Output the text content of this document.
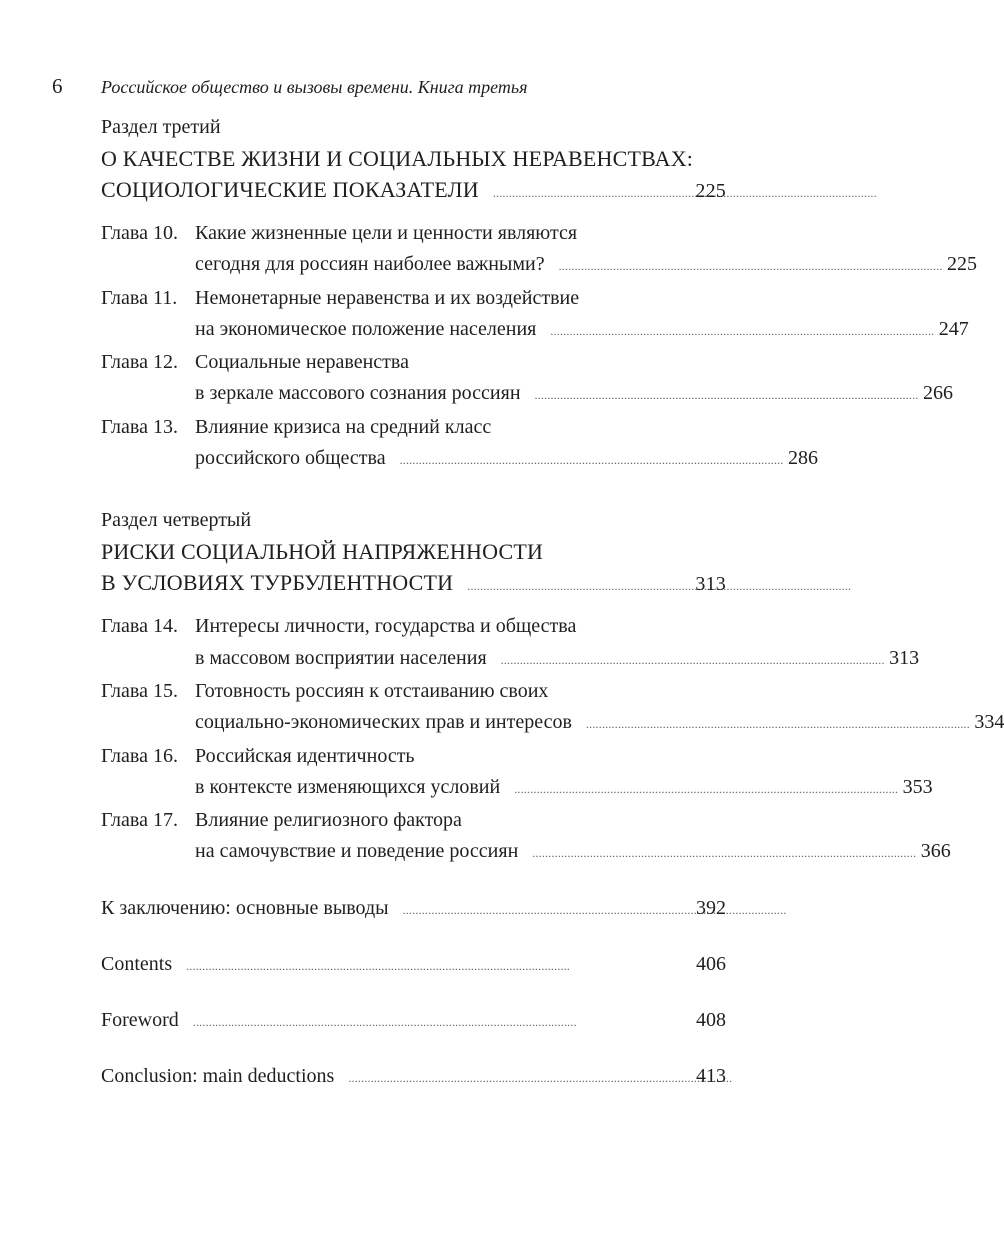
6 Российское общество и вызовы времени. Книга третья
Раздел третий
О КАЧЕСТВЕ ЖИЗНИ И СОЦИАЛЬНЫХ НЕРАВЕНСТВАХ:
СОЦИОЛОГИЧЕСКИЕ ПОКАЗАТЕЛИ . . .	225
Глава 10. Какие жизненные цели и ценности являются
сегодня для россиян наиболее важными? . . .	225
Глава 11. Немонетарные неравенства и их воздействие
на экономическое положение населения . . .	247
Глава 12. Социальные неравенства
в зеркале массового сознания россиян . . .	266
Глава 13. Влияние кризиса на средний класс
российского общества . . .	286
Раздел четвертый
РИСКИ СОЦИАЛЬНОЙ НАПРЯЖЕННОСТИ
В УСЛОВИЯХ ТУРБУЛЕНТНОСТИ . . .	313
Глава 14. Интересы личности, государства и общества
в массовом восприятии населения . . .	313
Глава 15. Готовность россиян к отстаиванию своих
социально-экономических прав и интересов . . .	334
Глава 16. Российская идентичность
в контексте изменяющихся условий . . .	353
Глава 17. Влияние религиозного фактора
на самочувствие и поведение россиян . . .	366
К заключению: основные выводы . . .	392
Contents . . .	406
Foreword . . .	408
Conclusion: main deductions . . .	413
